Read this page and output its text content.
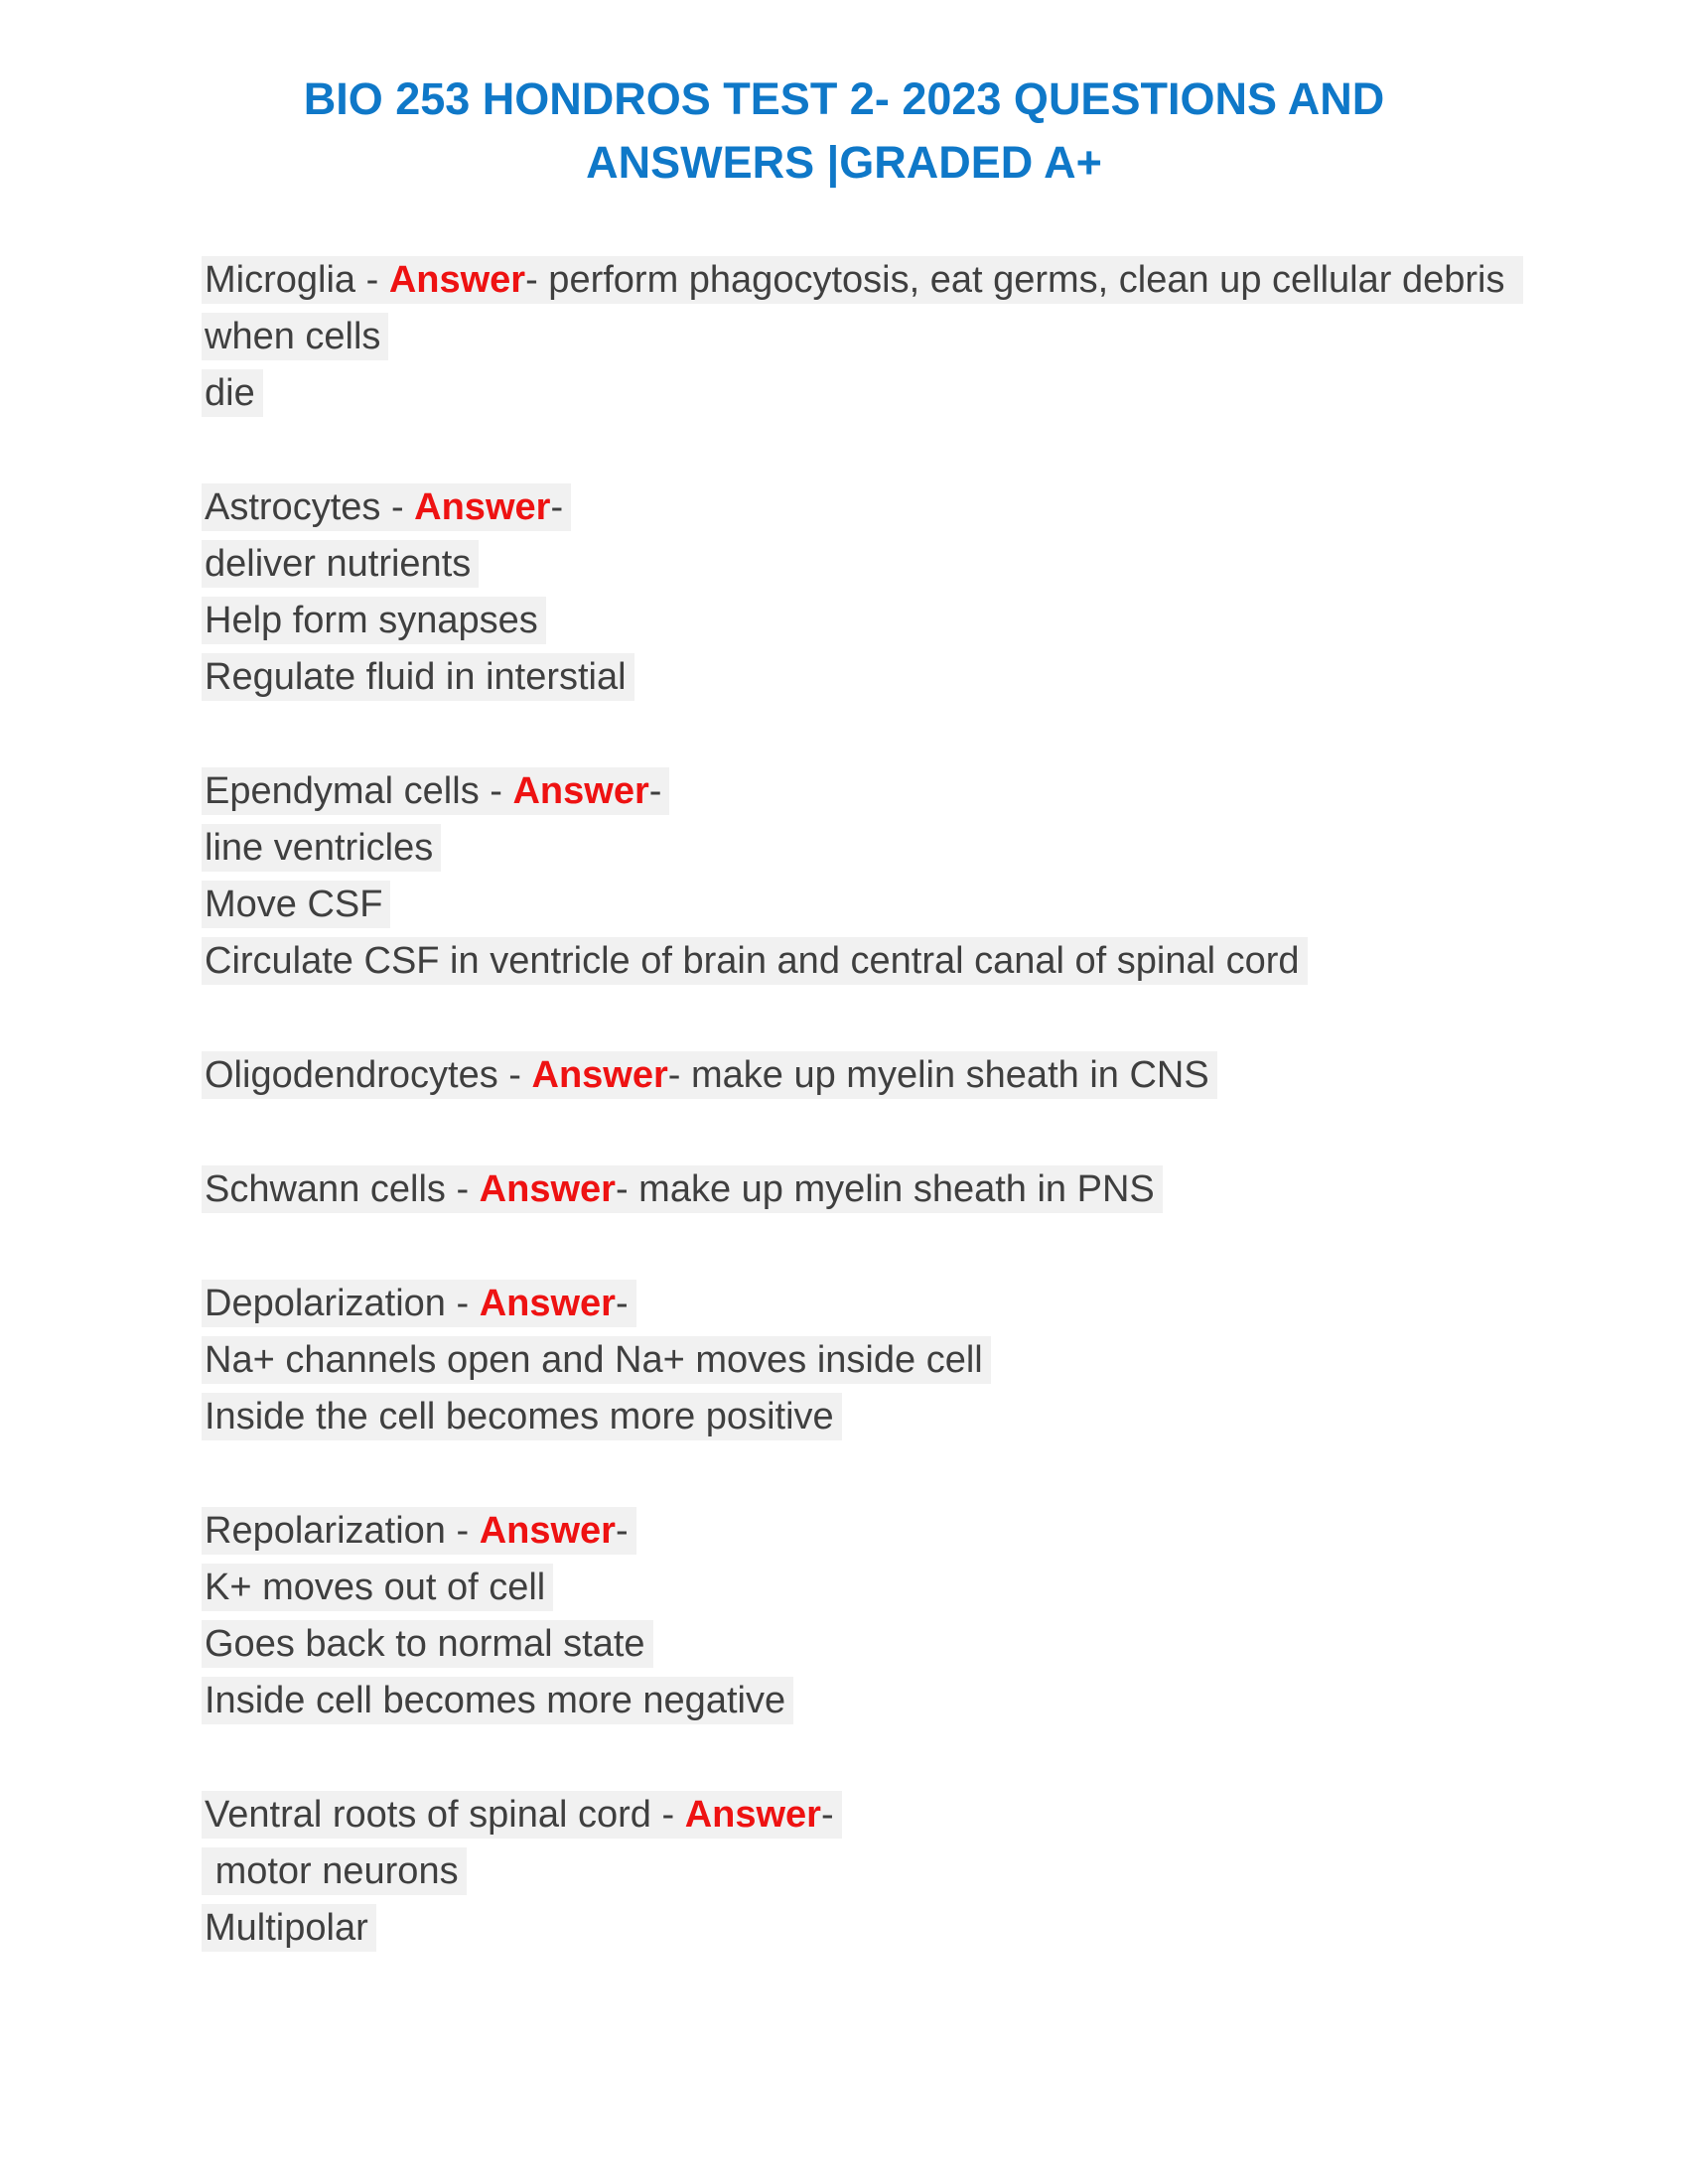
BIO 253 HONDROS TEST 2- 2023 QUESTIONS AND
ANSWERS |GRADED A+

Microglia - Answer- perform phagocytosis, eat germs, clean up cellular debris when cells

die

Astrocytes - Answer-

deliver nutrients

Help form synapses

Regulate fluid in interstial

Ependymal cells - Answer-

line ventricles

Move CSF

Circulate CSF in ventricle of brain and central canal of spinal cord

Oligodendrocytes - Answer- make up myelin sheath in CNS

Schwann cells - Answer- make up myelin sheath in PNS

Depolarization - Answer-

Na+ channels open and Na+ moves inside cell

Inside the cell becomes more positive

Repolarization - Answer-

K+ moves out of cell

Goes back to normal state

Inside cell becomes more negative

Ventral roots of spinal cord - Answer-

motor neurons

Multipolar
